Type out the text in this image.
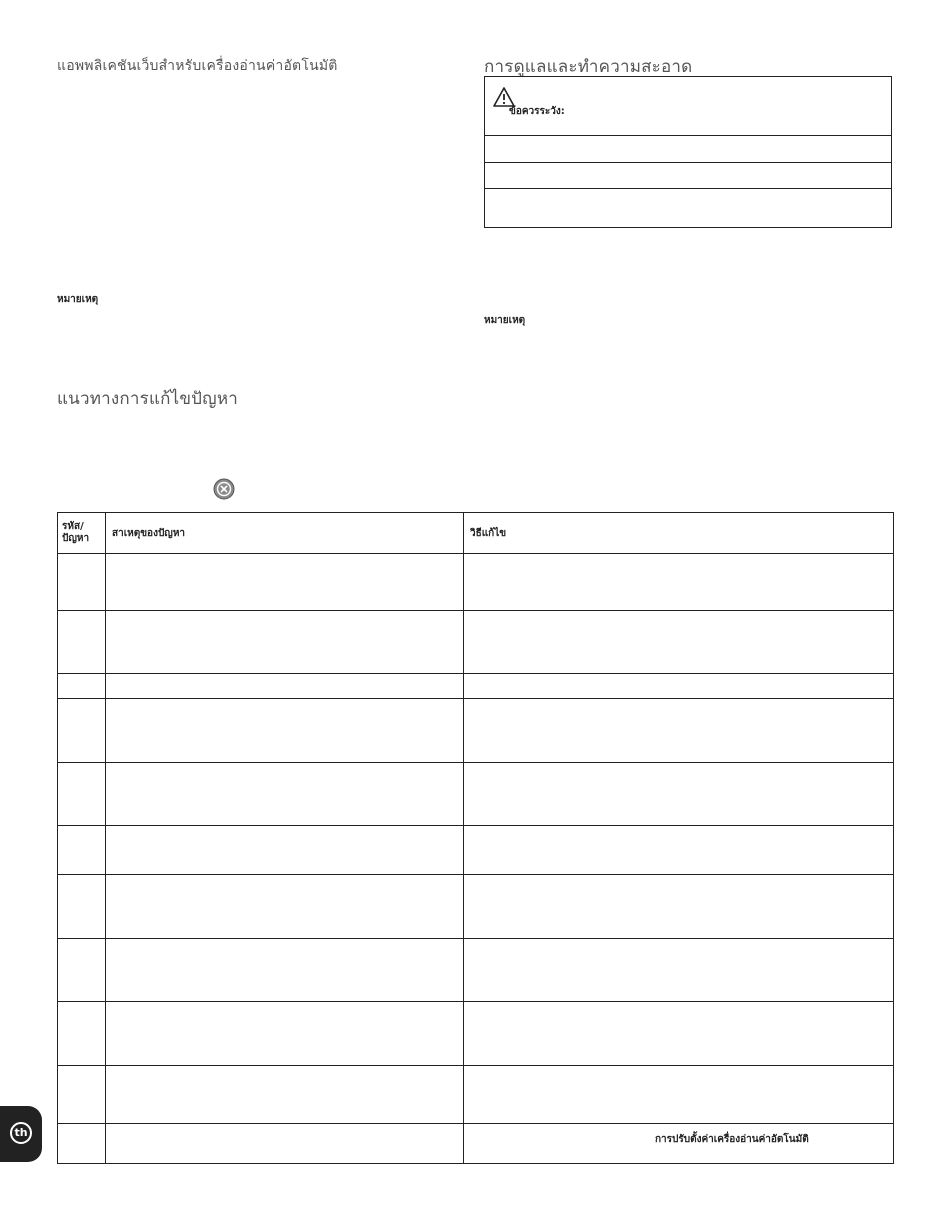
แอพพลิเคชันเว็บสำหรับเครื่องอ่านค่าอัตโนมัติ
หมายเหตุ
แนวทางการแก้ไขปัญหา
การดูแลและทำความสะอาด
ข้อควรระวัง:
หมายเหตุ
รหัส/
ปัญหา	สาเหตุของปัญหา	วิธีแก้ไข

		การปรับตั้งค่าเครื่องอ่านค่าอัตโนมัติ
th
